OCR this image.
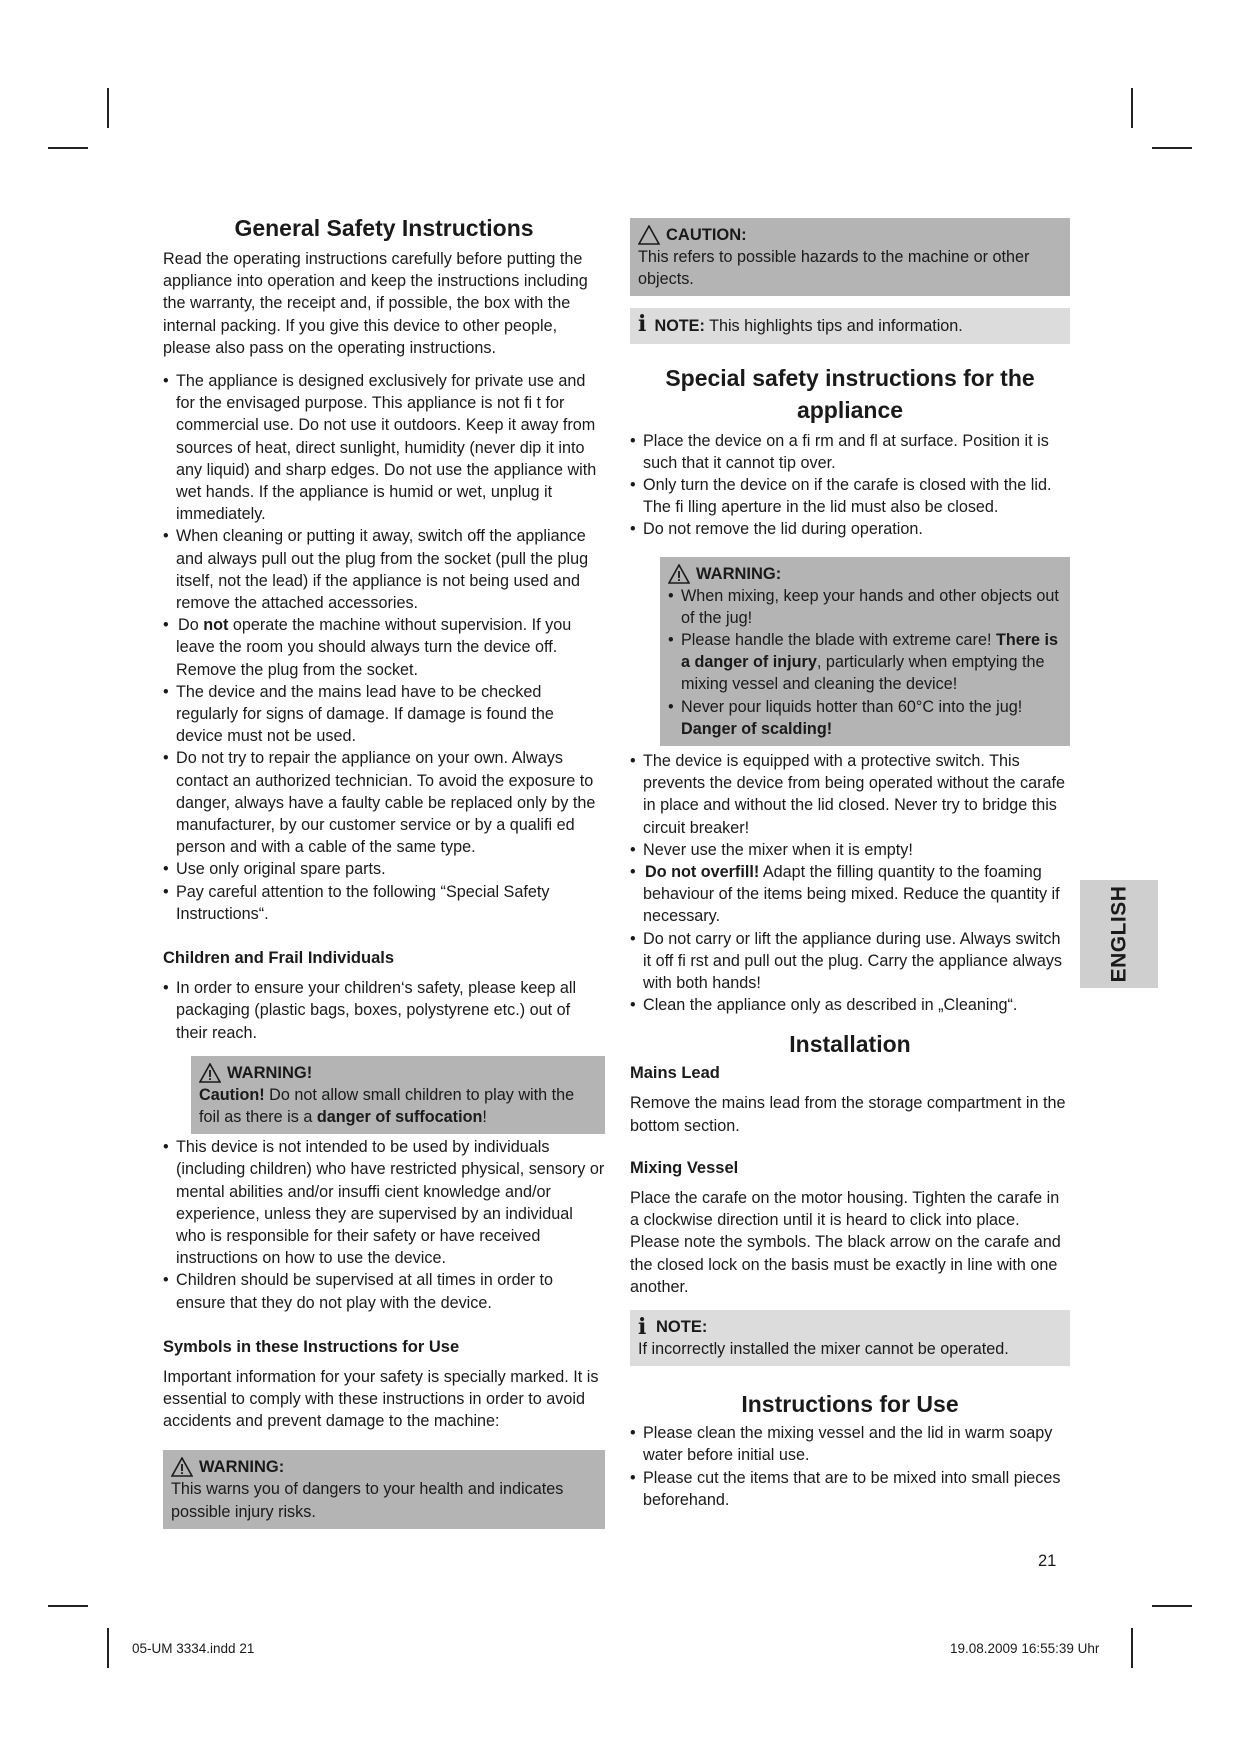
General Safety Instructions

Read the operating instructions carefully before putting the appliance into operation and keep the instructions including the warranty, the receipt and, if possible, the box with the internal packing. If you give this device to other people, please also pass on the operating instructions.

• The appliance is designed exclusively for private use and for the envisaged purpose. This appliance is not fi t for commercial use. Do not use it outdoors. Keep it away from sources of heat, direct sunlight, humidity (never dip it into any liquid) and sharp edges. Do not use the appliance with wet hands. If the appliance is humid or wet, unplug it immediately.
• When cleaning or putting it away, switch off the appliance and always pull out the plug from the socket (pull the plug itself, not the lead) if the appliance is not being used and remove the attached accessories.
• Do not operate the machine without supervision. If you leave the room you should always turn the device off. Remove the plug from the socket.
• The device and the mains lead have to be checked regularly for signs of damage. If damage is found the device must not be used.
• Do not try to repair the appliance on your own. Always contact an authorized technician. To avoid the exposure to danger, always have a faulty cable be replaced only by the manufacturer, by our customer service or by a qualifi ed person and with a cable of the same type.
• Use only original spare parts.
• Pay careful attention to the following “Special Safety Instructions“.
Children and Frail Individuals
• In order to ensure your children‘s safety, please keep all packaging (plastic bags, boxes, polystyrene etc.) out of their reach.
WARNING!

Caution! Do not allow small children to play with the foil as there is a danger of suffocation!

• This device is not intended to be used by individuals (including children) who have restricted physical, sensory or mental abilities and/or insuffi cient knowledge and/or experience, unless they are supervised by an individual who is responsible for their safety or have received instructions on how to use the device.
• Children should be supervised at all times in order to ensure that they do not play with the device.
Symbols in these Instructions for Use

Important information for your safety is specially marked. It is essential to comply with these instructions in order to avoid accidents and prevent damage to the machine:

WARNING:

This warns you of dangers to your health and indicates possible injury risks.

CAUTION:

This refers to possible hazards to the machine or other objects.

i NOTE: This highlights tips and information.

Special safety instructions for the appliance
• Place the device on a fi rm and fl at surface. Position it is such that it cannot tip over.
• Only turn the device on if the carafe is closed with the lid. The fi lling aperture in the lid must also be closed.
• Do not remove the lid during operation.
WARNING:
• When mixing, keep your hands and other objects out of the jug!
• Please handle the blade with extreme care! There is a danger of injury, particularly when emptying the mixing vessel and cleaning the device!
• Never pour liquids hotter than 60°C into the jug!
Danger of scalding!
• The device is equipped with a protective switch. This prevents the device from being operated without the carafe in place and without the lid closed. Never try to bridge this circuit breaker!
• Never use the mixer when it is empty!
• Do not overfill! Adapt the filling quantity to the foaming behaviour of the items being mixed. Reduce the quantity if necessary.
• Do not carry or lift the appliance during use. Always switch it off fi rst and pull out the plug. Carry the appliance always with both hands!
• Clean the appliance only as described in „Cleaning“.
Installation
Mains Lead

Remove the mains lead from the storage compartment in the bottom section.

Mixing Vessel

Place the carafe on the motor housing. Tighten the carafe in a clockwise direction until it is heard to click into place. Please note the symbols. The black arrow on the carafe and the closed lock on the basis must be exactly in line with one another.

i NOTE:

If incorrectly installed the mixer cannot be operated.

Instructions for Use
• Please clean the mixing vessel and the lid in warm soapy water before initial use.
• Please cut the items that are to be mixed into small pieces beforehand.
ENGLISH
21
05-UM 3334.indd 21	19.08.2009 16:55:39 Uhr
